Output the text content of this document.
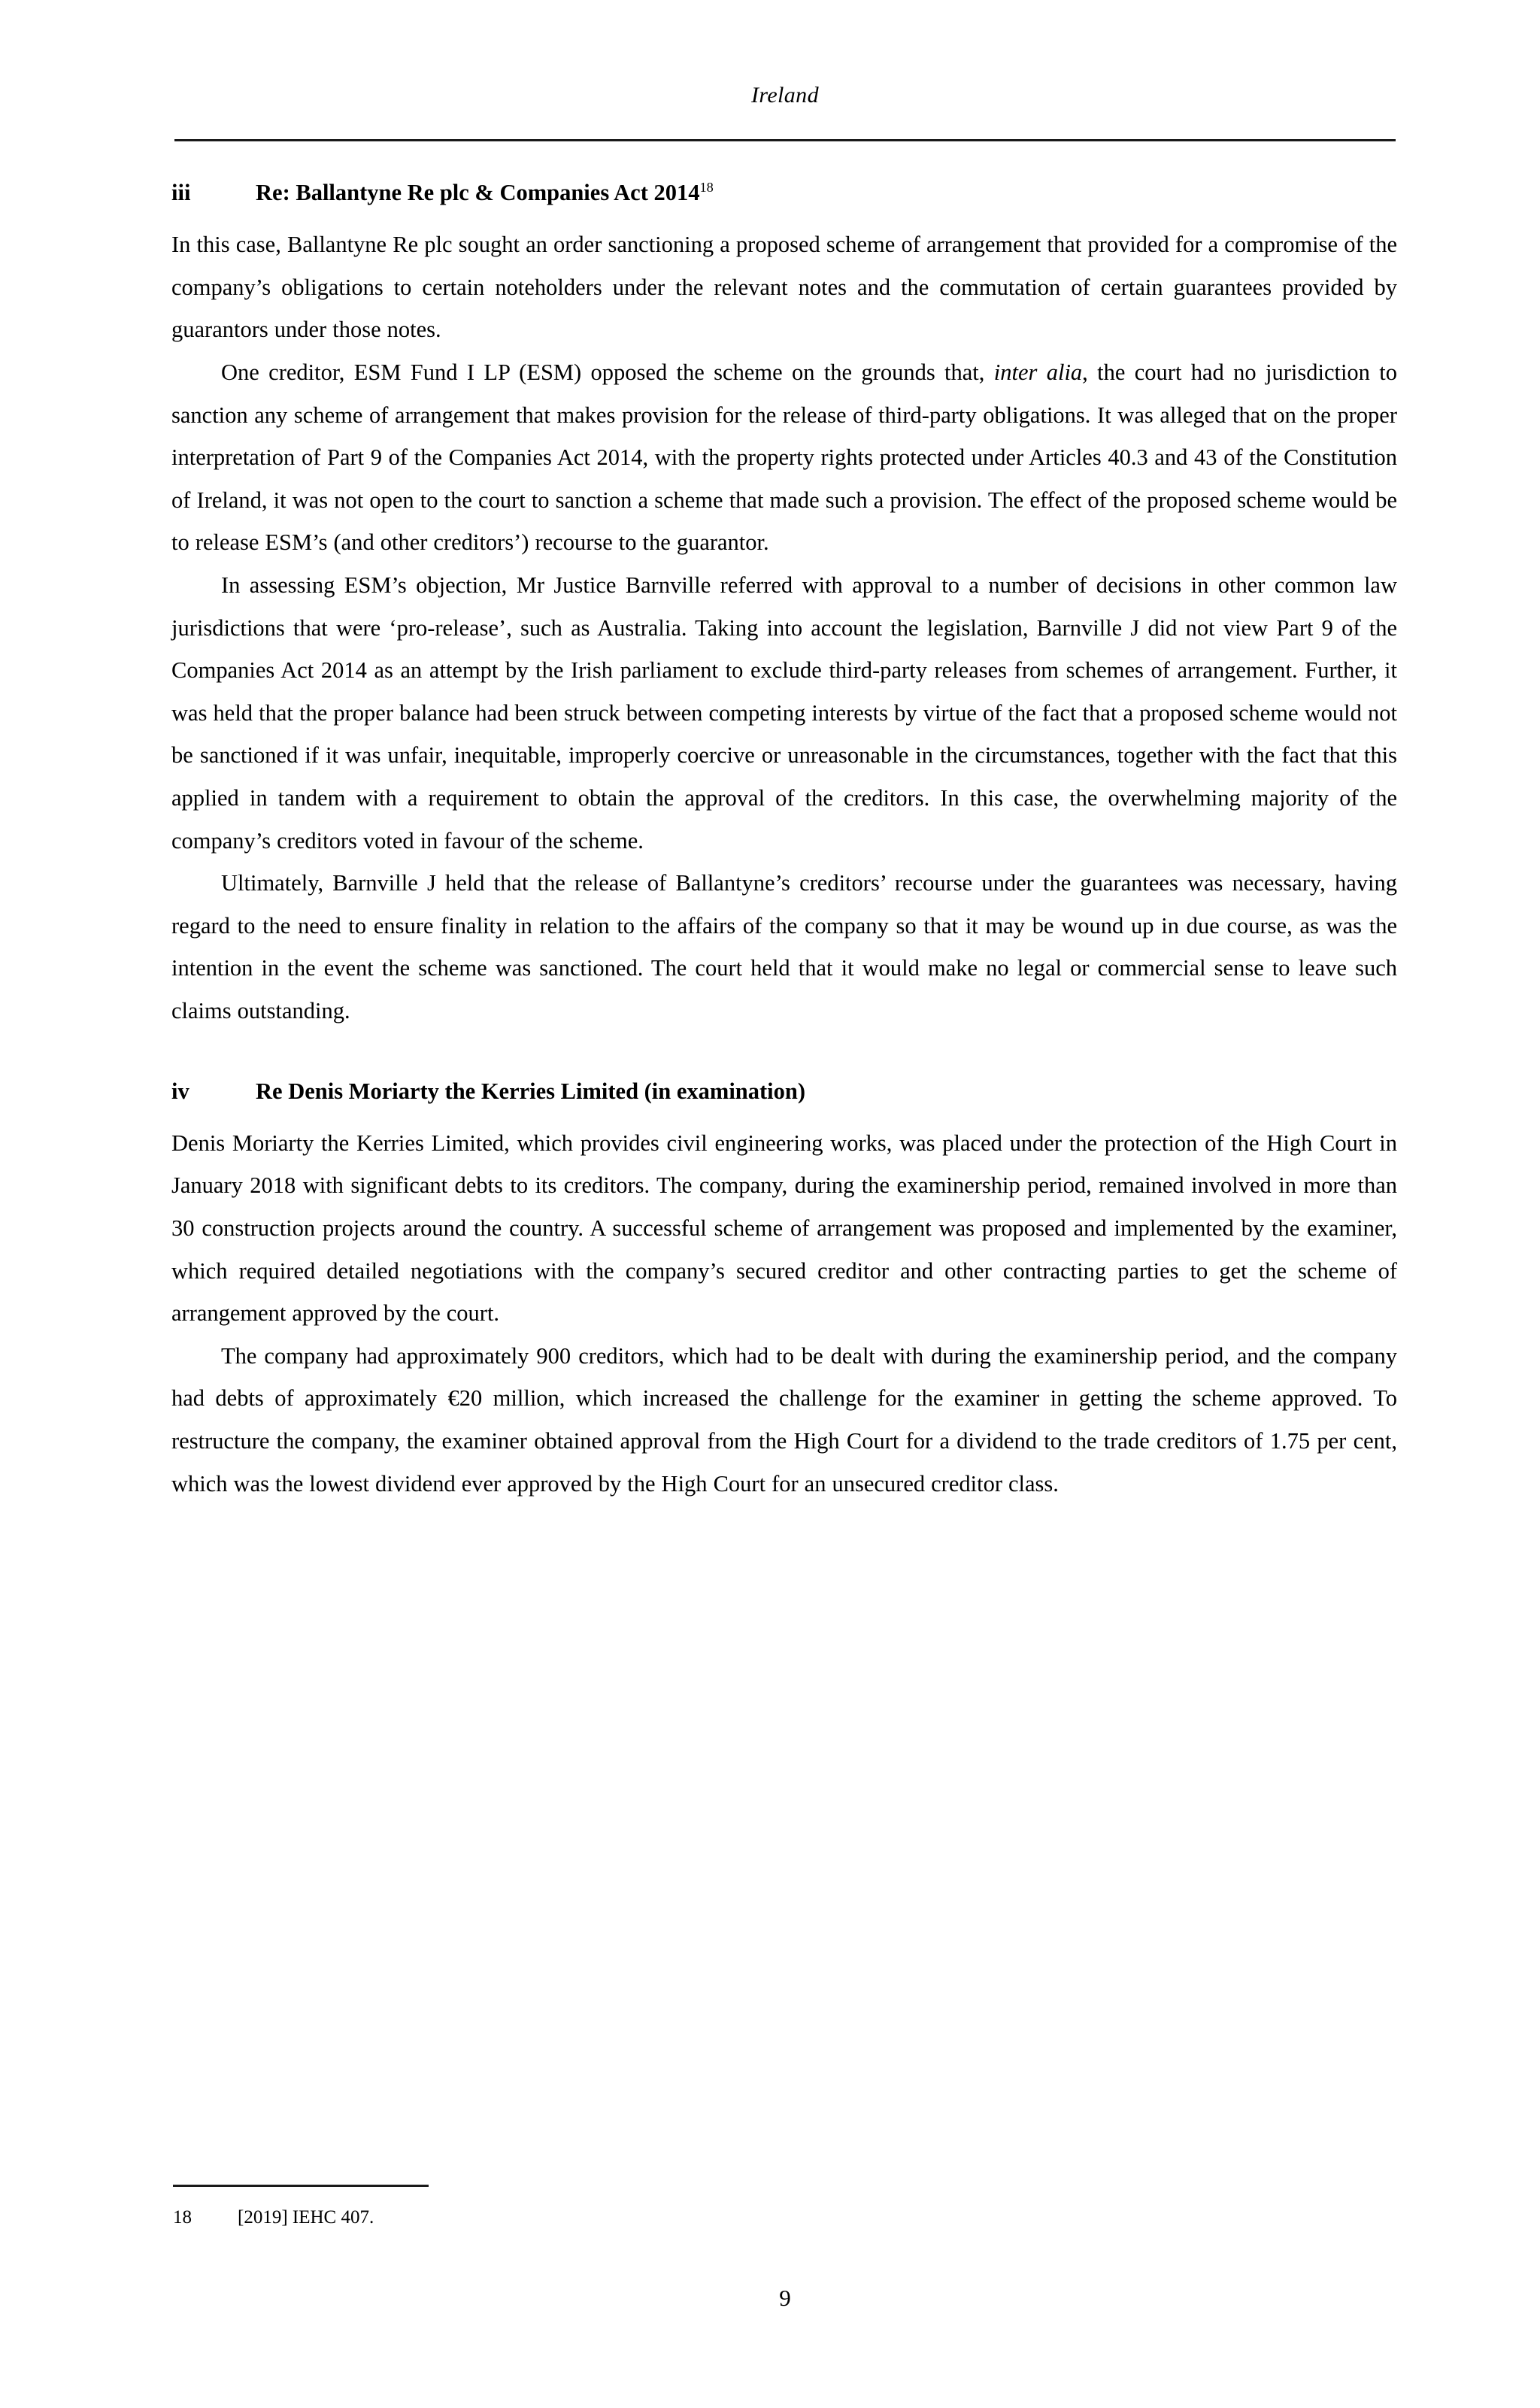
Ireland
iii	Re: Ballantyne Re plc & Companies Act 2014$^{18}$

In this case, Ballantyne Re plc sought an order sanctioning a proposed scheme of arrangement that provided for a compromise of the company’s obligations to certain noteholders under the relevant notes and the commutation of certain guarantees provided by guarantors under those notes.

One creditor, ESM Fund I LP (ESM) opposed the scheme on the grounds that, inter alia, the court had no jurisdiction to sanction any scheme of arrangement that makes provision for the release of third-party obligations. It was alleged that on the proper interpretation of Part 9 of the Companies Act 2014, with the property rights protected under Articles 40.3 and 43 of the Constitution of Ireland, it was not open to the court to sanction a scheme that made such a provision. The effect of the proposed scheme would be to release ESM’s (and other creditors’) recourse to the guarantor.

In assessing ESM’s objection, Mr Justice Barnville referred with approval to a number of decisions in other common law jurisdictions that were ‘pro-release’, such as Australia. Taking into account the legislation, Barnville J did not view Part 9 of the Companies Act 2014 as an attempt by the Irish parliament to exclude third-party releases from schemes of arrangement. Further, it was held that the proper balance had been struck between competing interests by virtue of the fact that a proposed scheme would not be sanctioned if it was unfair, inequitable, improperly coercive or unreasonable in the circumstances, together with the fact that this applied in tandem with a requirement to obtain the approval of the creditors. In this case, the overwhelming majority of the company’s creditors voted in favour of the scheme.

Ultimately, Barnville J held that the release of Ballantyne’s creditors’ recourse under the guarantees was necessary, having regard to the need to ensure finality in relation to the affairs of the company so that it may be wound up in due course, as was the intention in the event the scheme was sanctioned. The court held that it would make no legal or commercial sense to leave such claims outstanding.

iv	Re Denis Moriarty the Kerries Limited (in examination)

Denis Moriarty the Kerries Limited, which provides civil engineering works, was placed under the protection of the High Court in January 2018 with significant debts to its creditors. The company, during the examinership period, remained involved in more than 30 construction projects around the country. A successful scheme of arrangement was proposed and implemented by the examiner, which required detailed negotiations with the company’s secured creditor and other contracting parties to get the scheme of arrangement approved by the court.

The company had approximately 900 creditors, which had to be dealt with during the examinership period, and the company had debts of approximately €20 million, which increased the challenge for the examiner in getting the scheme approved. To restructure the company, the examiner obtained approval from the High Court for a dividend to the trade creditors of 1.75 per cent, which was the lowest dividend ever approved by the High Court for an unsecured creditor class.

18 [2019] IEHC 407.
9
